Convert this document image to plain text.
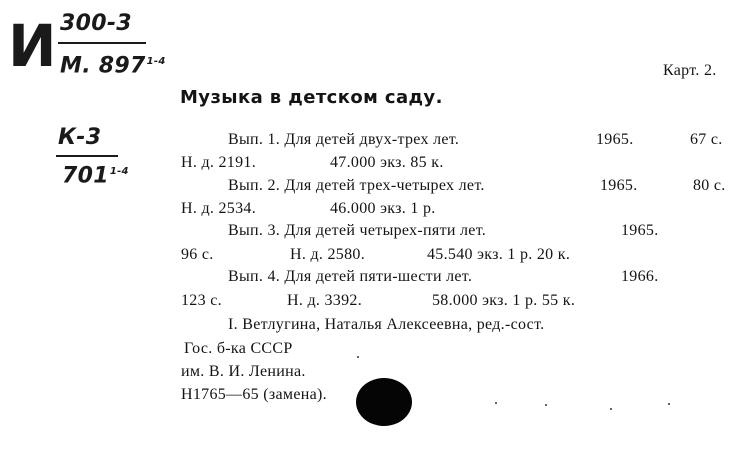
И 300-3
М. 897$^{1-4}$
К-3
701$^{1-4}$
Карт. 2.
Музыка в детском саду.
Вып. 1. Для детей двух-трех лет.	1965.	67 с.
Н. д. 2191.	47.000 экз. 85 к.
Вып. 2. Для детей трех-четырех лет.	1965.	80 с.
Н. д. 2534.	46.000 экз. 1 р.
Вып. 3. Для детей четырех-пяти лет.	1965.
96 с.	Н. д. 2580.	45.540 экз. 1 р. 20 к.
Вып. 4. Для детей пяти-шести лет.	1966.
123 с.	Н. д. 3392.	58.000 экз. 1 р. 55 к.
I. Ветлугина, Наталья Алексеевна, ред.-сост.
Гос. б-ка СССР
им. В. И. Ленина.
Н1765—65 (замена).
